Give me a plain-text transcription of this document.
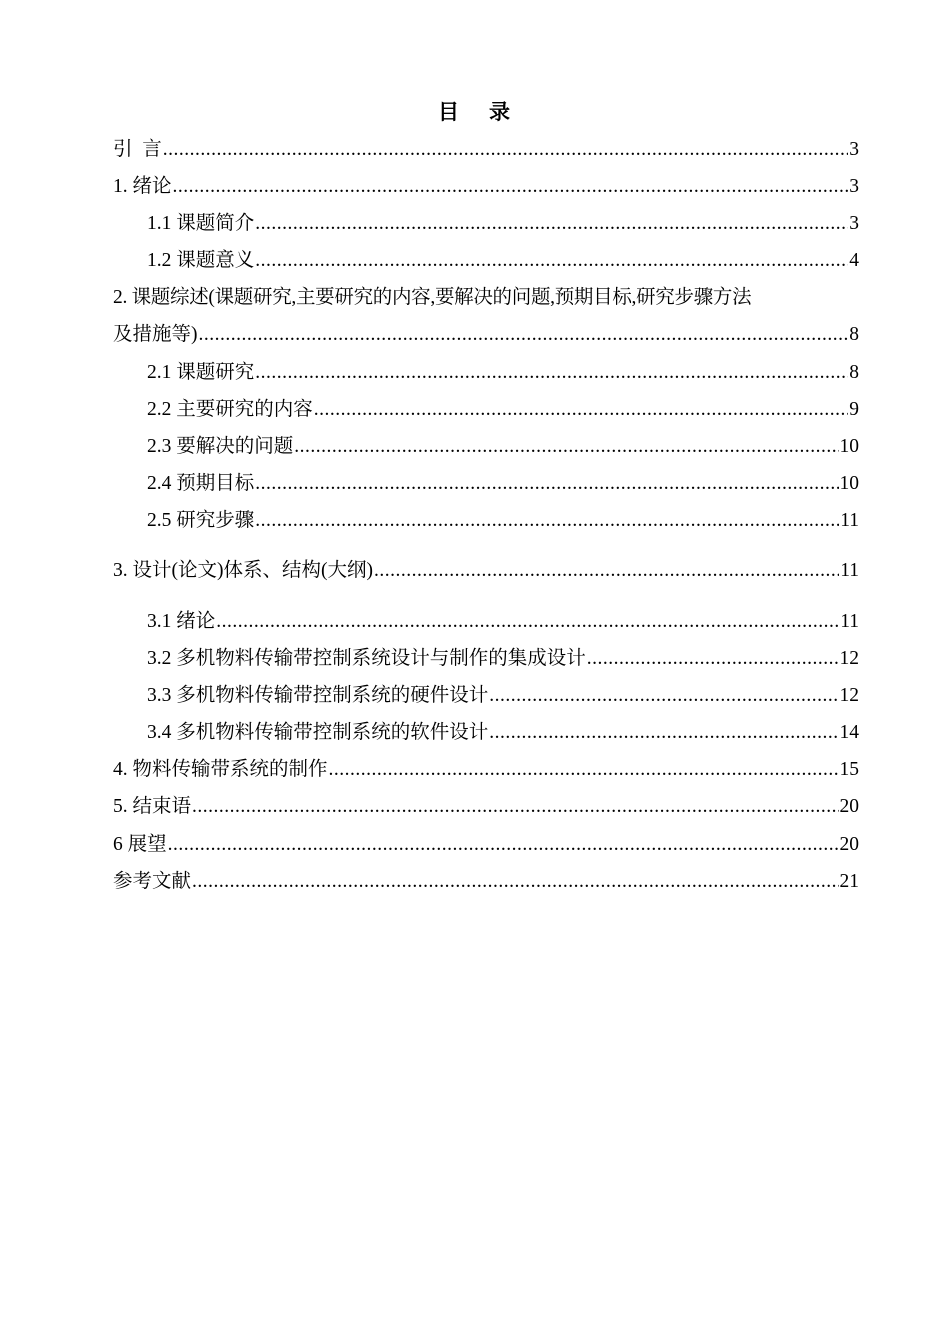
目 录
引  言 .....	3
1. 绪论 .....	3
1.1 课题简介 .....	3
1.2 课题意义 .....	4
2. 课题综述(课题研究,主要研究的内容,要解决的问题,预期目标,研究步骤方法
及措施等) .....	8
2.1 课题研究 .....	8
2.2 主要研究的内容 .....	9
2.3 要解决的问题 .....	10
2.4 预期目标 .....	10
2.5 研究步骤 .....	11
3. 设计(论文)体系、结构(大纲) .....	11
3.1 绪论 .....	11
3.2 多机物料传输带控制系统设计与制作的集成设计 .....	12
3.3 多机物料传输带控制系统的硬件设计 .....	12
3.4 多机物料传输带控制系统的软件设计 .....	14
4. 物料传输带系统的制作 .....	15
5. 结束语 .....	20
6 展望 .....	20
参考文献 .....	21
